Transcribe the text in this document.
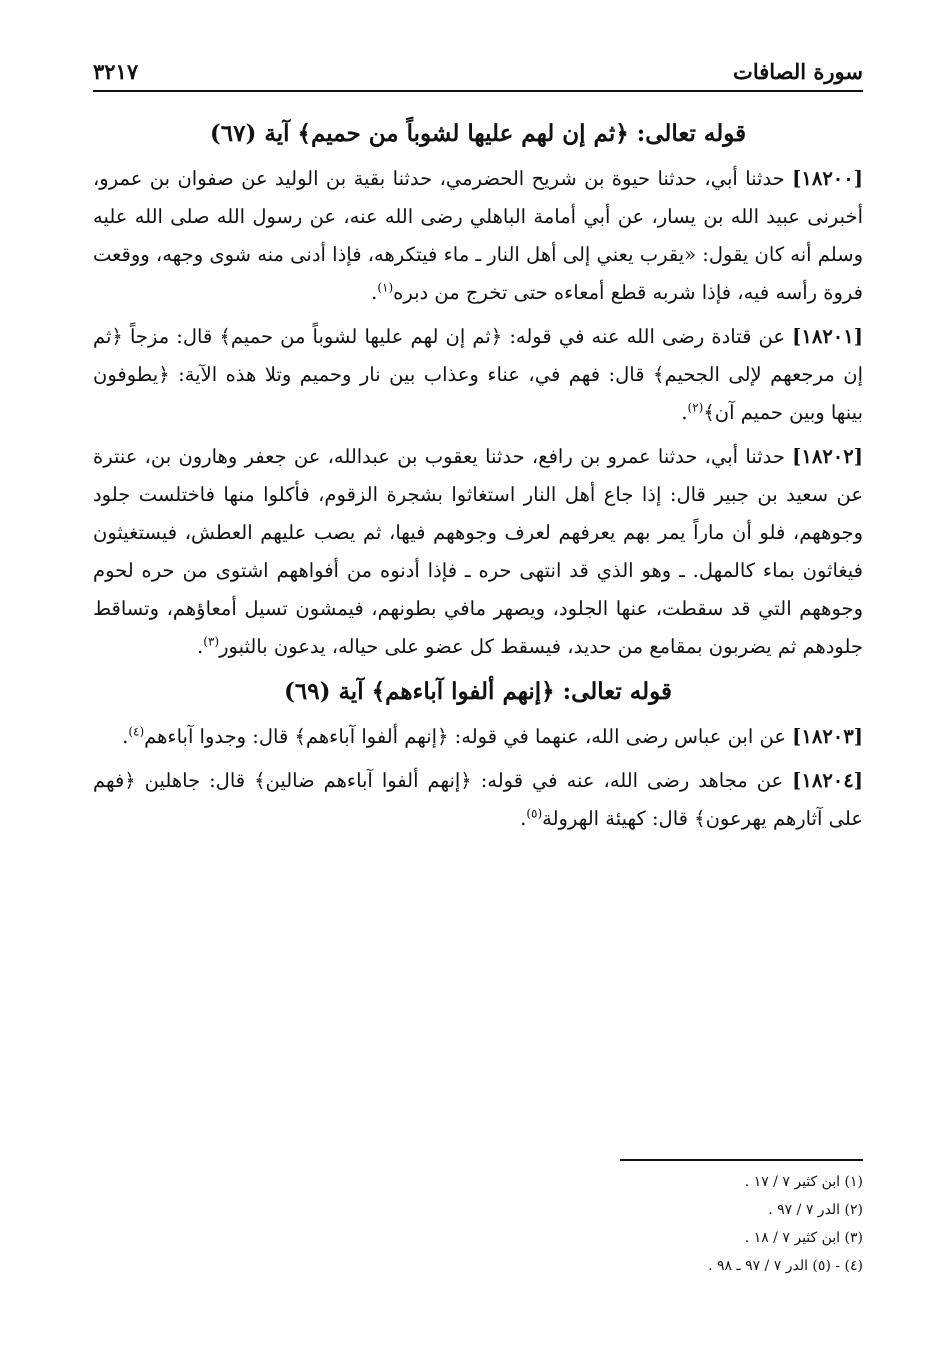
سورة الصافات
٣٢١٧
قوله تعالى: ﴿ثم إن لهم عليها لشوباً من حميم﴾ آية (٦٧)

[١٨٢٠٠] حدثنا أبي، حدثنا حيوة بن شريح الحضرمي، حدثنا بقية بن الوليد عن صفوان بن عمرو، أخبرنى عبيد الله بن يسار، عن أبي أمامة الباهلي رضى الله عنه، عن رسول الله صلى الله عليه وسلم أنه كان يقول: «يقرب يعني إلى أهل النار ـ ماء فيتكرهه، فإذا أدنى منه شوى وجهه، ووقعت فروة رأسه فيه، فإذا شربه قطع أمعاءه حتى تخرج من دبره$^{(١)}$.

[١٨٢٠١] عن قتادة رضى الله عنه في قوله: ﴿ثم إن لهم عليها لشوباً من حميم﴾ قال: مزجاً ﴿ثم إن مرجعهم لإلى الجحيم﴾ قال: فهم في، عناء وعذاب بين نار وحميم وتلا هذه الآية: ﴿يطوفون بينها وبين حميم آن﴾$^{(٢)}$.

[١٨٢٠٢] حدثنا أبي، حدثنا عمرو بن رافع، حدثنا يعقوب بن عبدالله، عن جعفر وهارون بن، عنترة عن سعيد بن جبير قال: إذا جاع أهل النار استغاثوا بشجرة الزقوم، فأكلوا منها فاختلست جلود وجوههم، فلو أن ماراً يمر بهم يعرفهم لعرف وجوههم فيها، ثم يصب عليهم العطش، فيستغيثون فيغاثون بماء كالمهل. ـ وهو الذي قد انتهى حره ـ فإذا أدنوه من أفواههم اشتوى من حره لحوم وجوههم التي قد سقطت، عنها الجلود، ويصهر مافي بطونهم، فيمشون تسيل أمعاؤهم، وتساقط جلودهم ثم يضربون بمقامع من حديد، فيسقط كل عضو على حياله، يدعون بالثبور$^{(٣)}$.

قوله تعالى: ﴿إنهم ألفوا آباءهم﴾ آية (٦٩)

[١٨٢٠٣] عن ابن عباس رضى الله، عنهما في قوله: ﴿إنهم ألفوا آباءهم﴾ قال: وجدوا آباءهم$^{(٤)}$.

[١٨٢٠٤] عن مجاهد رضى الله، عنه في قوله: ﴿إنهم ألفوا آباءهم ضالين﴾ قال: جاهلين ﴿فهم على آثارهم يهرعون﴾ قال: كهيئة الهرولة$^{(٥)}$.

(١) ابن كثير ٧ / ١٧ .
(٢) الدر ٧ / ٩٧ .
(٣) ابن كثير ٧ / ١٨ .
(٤) - (٥) الدر ٧ / ٩٧ ـ ٩٨ .
